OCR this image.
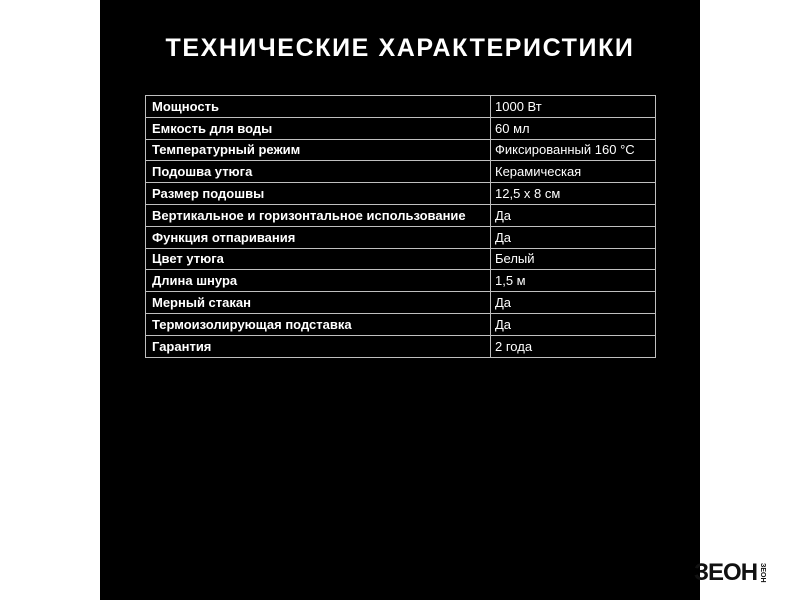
ТЕХНИЧЕСКИЕ ХАРАКТЕРИСТИКИ
Мощность	1000 Вт
Емкость для воды	60 мл
Температурный режим	Фиксированный 160 °C
Подошва утюга	Керамическая
Размер подошвы	12,5 х 8 см
Вертикальное и горизонтальное использование	Да
Функция отпаривания	Да
Цвет утюга	Белый
Длина шнура	1,5 м
Мерный стакан	Да
Термоизолирующая подставка	Да
Гарантия	2 года
ЗЕОН ЗЕОН
